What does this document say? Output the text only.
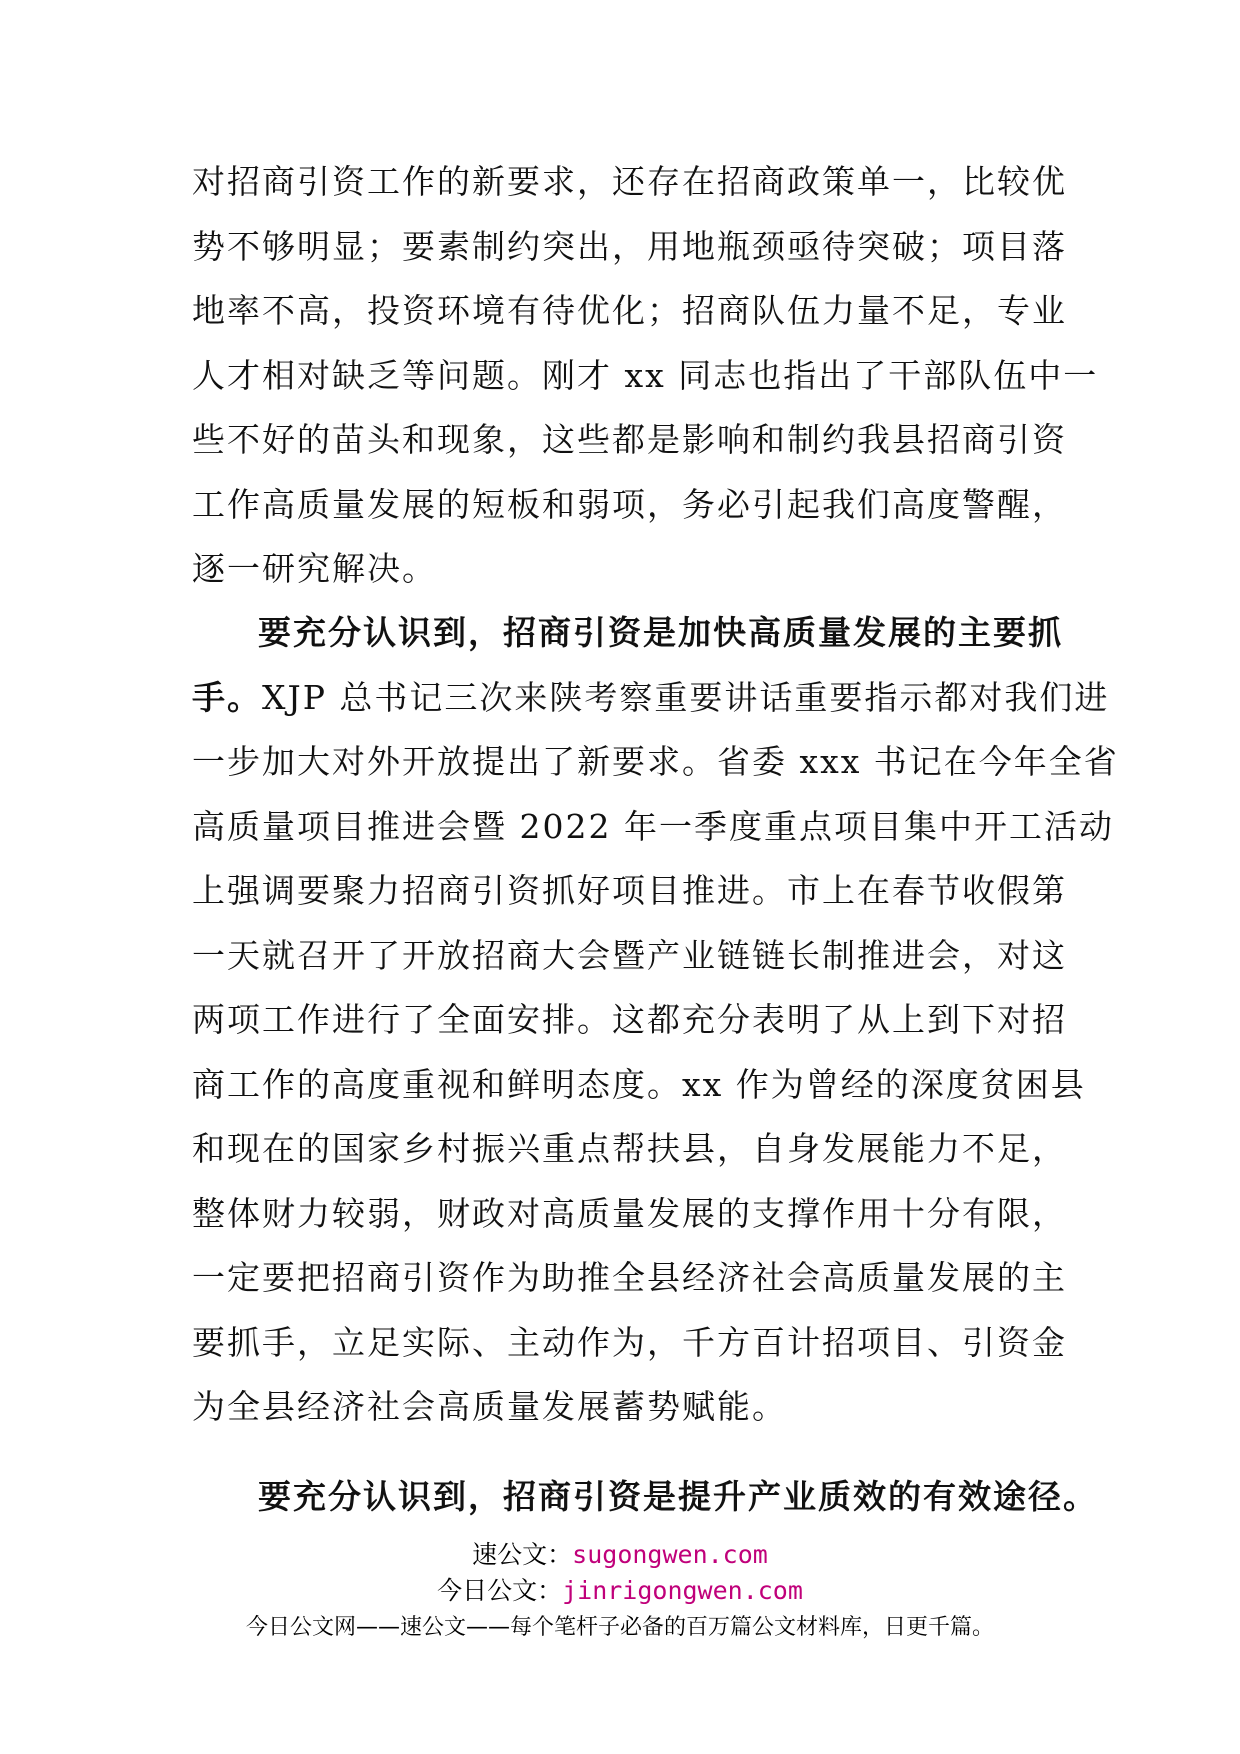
对招商引资工作的新要求，还存在招商政策单一，比较优
势不够明显；要素制约突出，用地瓶颈亟待突破；项目落
地率不高，投资环境有待优化；招商队伍力量不足，专业
人才相对缺乏等问题。刚才 xx 同志也指出了干部队伍中一
些不好的苗头和现象，这些都是影响和制约我县招商引资
工作高质量发展的短板和弱项，务必引起我们高度警醒，
逐一研究解决。
要充分认识到，招商引资是加快高质量发展的主要抓
手。XJP 总书记三次来陕考察重要讲话重要指示都对我们进
一步加大对外开放提出了新要求。省委 xxx 书记在今年全省
高质量项目推进会暨 2022 年一季度重点项目集中开工活动
上强调要聚力招商引资抓好项目推进。市上在春节收假第
一天就召开了开放招商大会暨产业链链长制推进会，对这
两项工作进行了全面安排。这都充分表明了从上到下对招
商工作的高度重视和鲜明态度。xx 作为曾经的深度贫困县
和现在的国家乡村振兴重点帮扶县，自身发展能力不足，
整体财力较弱，财政对高质量发展的支撑作用十分有限，
一定要把招商引资作为助推全县经济社会高质量发展的主
要抓手，立足实际、主动作为，千方百计招项目、引资金
为全县经济社会高质量发展蓄势赋能。
要充分认识到，招商引资是提升产业质效的有效途径。
速公文：sugongwen.com
今日公文：jinrigongwen.com
今日公文网——速公文——每个笔杆子必备的百万篇公文材料库，日更千篇。
